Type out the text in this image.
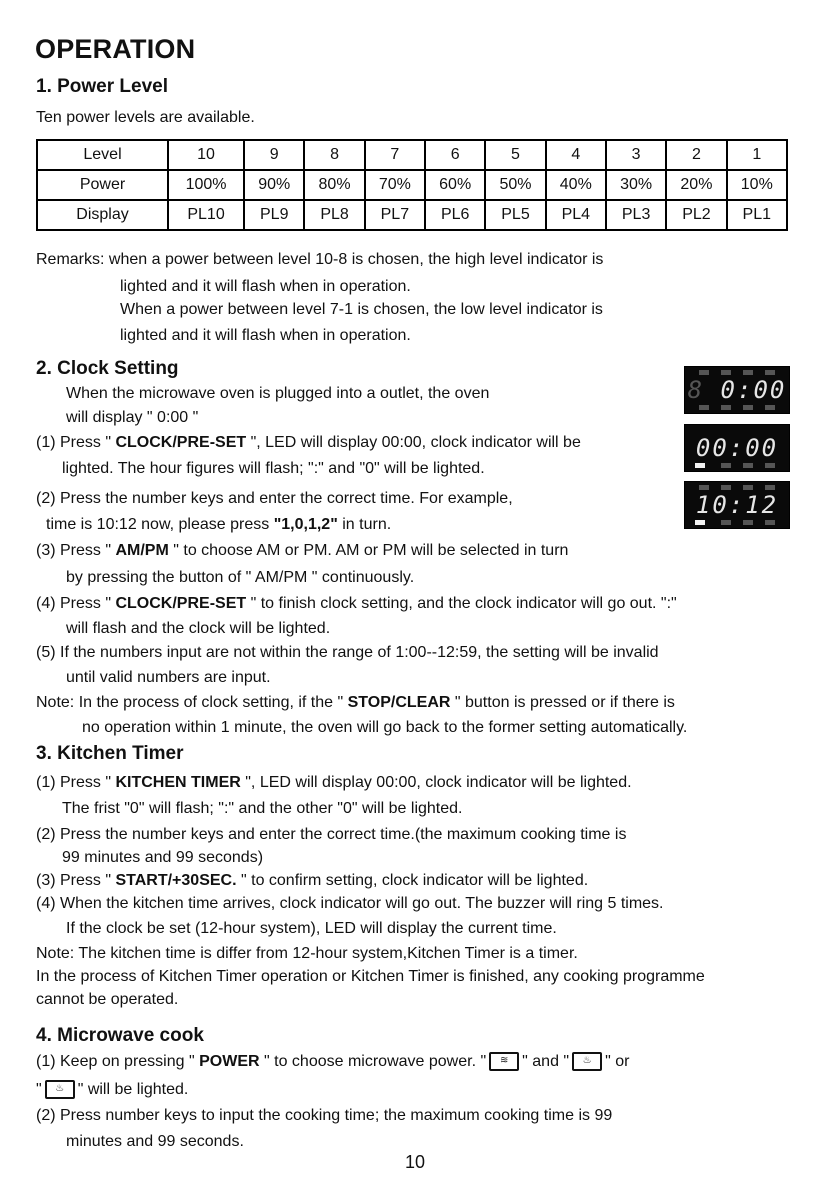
OPERATION
1. Power Level
Ten power levels are available.
Level	10	9	8	7	6	5	4	3	2	1
Power	100%	90%	80%	70%	60%	50%	40%	30%	20%	10%
Display	PL10	PL9	PL8	PL7	PL6	PL5	PL4	PL3	PL2	PL1
Remarks: when a power between level 10-8 is chosen, the high level indicator is
lighted and it will flash when in operation.
When a power between level 7-1 is chosen, the low level indicator is
lighted and it will flash when in operation.
2. Clock Setting
When the microwave oven is plugged into a outlet, the oven
will display " 0:00 "
(1) Press " CLOCK/PRE-SET ", LED will display 00:00, clock indicator will be
lighted. The hour figures will flash; ":" and "0" will be lighted.
(2) Press the number keys and enter the correct time. For example,
time is 10:12 now, please press "1,0,1,2" in turn.
(3) Press " AM/PM " to choose AM or PM. AM or PM will be selected in turn
by pressing the button of " AM/PM " continuously.
(4) Press " CLOCK/PRE-SET " to finish clock setting, and the clock indicator will go out. ":"
will flash and the clock will be lighted.
(5) If the numbers input are not within the range of 1:00--12:59, the setting will be invalid
until valid numbers are input.
Note: In the process of clock setting, if the " STOP/CLEAR " button is pressed or if there is
no operation within 1 minute, the oven will go back to the former setting automatically.
8 0:00
00:00
10:12
3. Kitchen Timer
(1) Press " KITCHEN TIMER ", LED will display 00:00, clock indicator will be lighted.
The frist "0" will flash; ":" and the other "0" will be lighted.
(2) Press the number keys and enter the correct time.(the maximum cooking time is
99 minutes and 99 seconds)
(3) Press " START/+30SEC. " to confirm setting, clock indicator will be lighted.
(4) When the kitchen time arrives, clock indicator will go out. The buzzer will ring 5 times.
If the clock be set (12-hour system), LED will display the current time.
Note: The kitchen time is differ from 12-hour system,Kitchen Timer is a timer.
In the process of Kitchen Timer operation or Kitchen Timer is finished, any cooking programme
cannot be operated.
4. Microwave cook
(1) Keep on pressing " POWER " to choose microwave power. " ≋ " and " ♨ " or
" ♨ " will be lighted.
(2) Press number keys to input the cooking time; the maximum cooking time is 99
minutes and 99 seconds.
10
